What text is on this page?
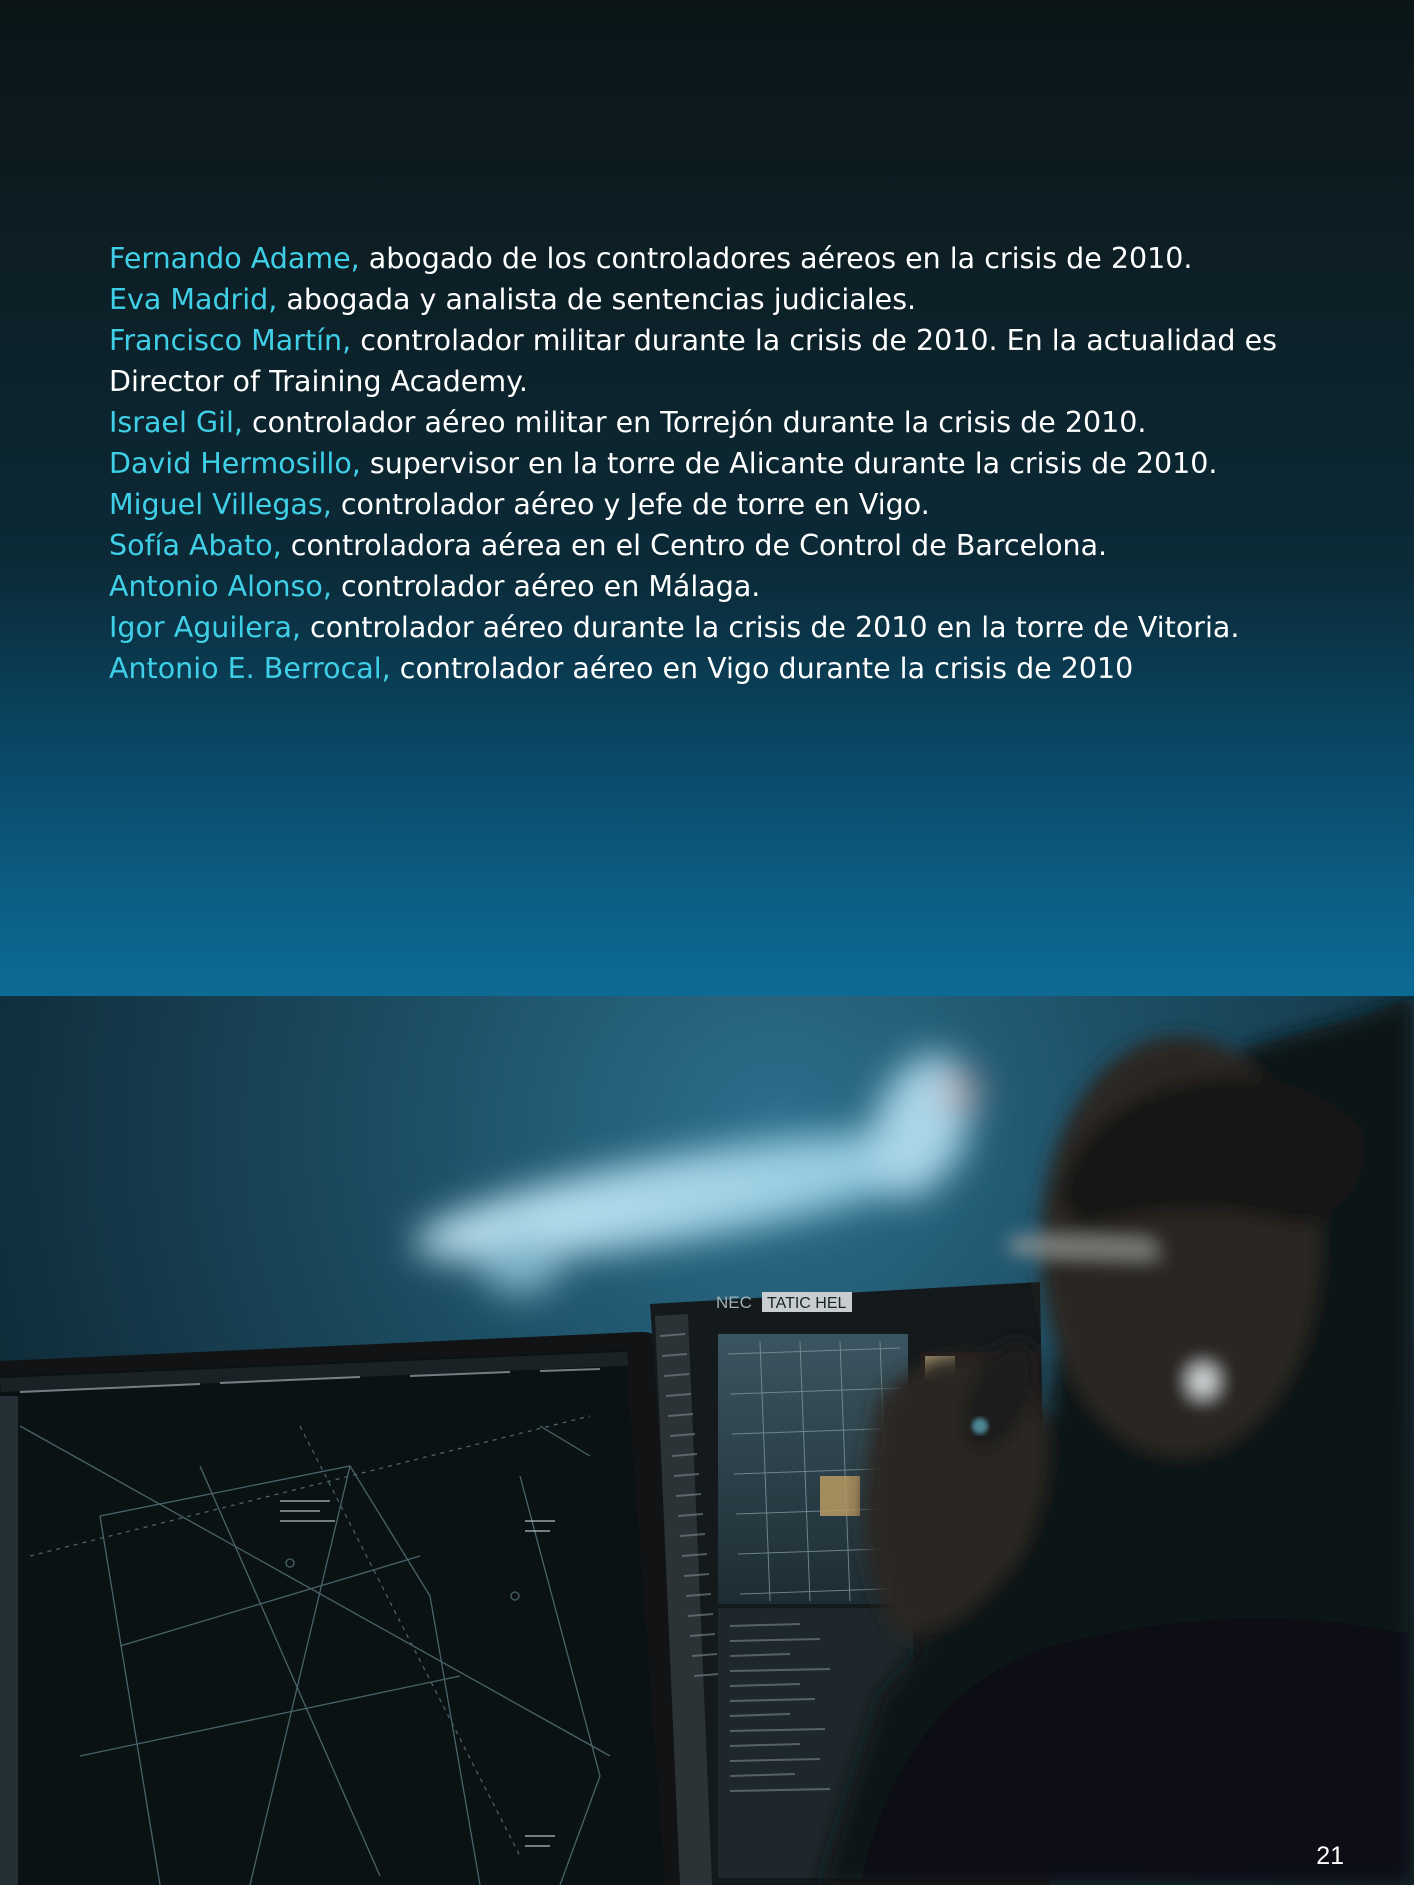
Fernando Adame, abogado de los controladores aéreos en la crisis de 2010.

Eva Madrid, abogada y analista de sentencias judiciales.

Francisco Martín, controlador militar durante la crisis de 2010. En la actualidad es Director of Training Academy.

Israel Gil, controlador aéreo militar en Torrejón durante la crisis de 2010.

David Hermosillo, supervisor en la torre de Alicante durante la crisis de 2010.

Miguel Villegas, controlador aéreo y Jefe de torre en Vigo.

Sofía Abato, controladora aérea en el Centro de Control de Barcelona.

Antonio Alonso, controlador aéreo en Málaga.

Igor Aguilera, controlador aéreo durante la crisis de 2010 en la torre de Vitoria.

Antonio E. Berrocal, controlador aéreo en Vigo durante la crisis de 2010

NEC TATIC HEL
21
